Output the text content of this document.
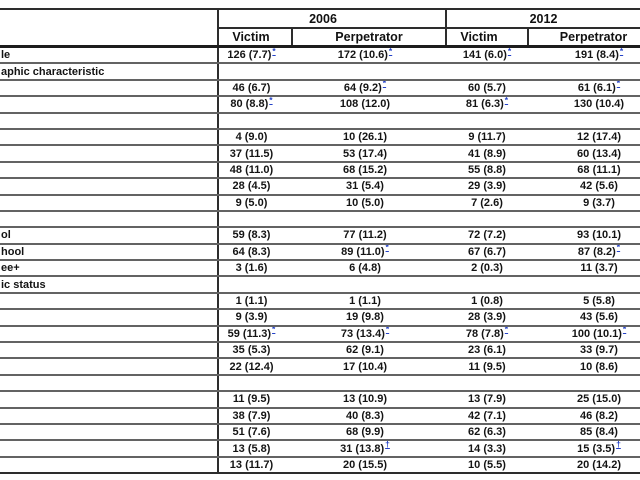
	2006		2012	
	Victim	Perpetrator	Victim	Perpetrator
le	126 (7.7)*	172 (10.6)*	141 (6.0)*	191 (8.4)*
aphic characteristic				
	46 (6.7)	64 (9.2)*	60 (5.7)	61 (6.1)*
	80 (8.8)*	108 (12.0)	81 (6.3)*	130 (10.4)

	4 (9.0)	10 (26.1)	9 (11.7)	12 (17.4)
	37 (11.5)	53 (17.4)	41 (8.9)	60 (13.4)
	48 (11.0)	68 (15.2)	55 (8.8)	68 (11.1)
	28 (4.5)	31 (5.4)	29 (3.9)	42 (5.6)
	9 (5.0)	10 (5.0)	7 (2.6)	9 (3.7)

ol	59 (8.3)	77 (11.2)	72 (7.2)	93 (10.1)
hool	64 (8.3)	89 (11.0)*	67 (6.7)	87 (8.2)*
ee+	3 (1.6)	6 (4.8)	2 (0.3)	11 (3.7)
ic status				
	1 (1.1)	1 (1.1)	1 (0.8)	5 (5.8)
	9 (3.9)	19 (9.8)	28 (3.9)	43 (5.6)
	59 (11.3)*	73 (13.4)*	78 (7.8)*	100 (10.1)*
	35 (5.3)	62 (9.1)	23 (6.1)	33 (9.7)
	22 (12.4)	17 (10.4)	11 (9.5)	10 (8.6)

	11 (9.5)	13 (10.9)	13 (7.9)	25 (15.0)
	38 (7.9)	40 (8.3)	42 (7.1)	46 (8.2)
	51 (7.6)	68 (9.9)	62 (6.3)	85 (8.4)
	13 (5.8)	31 (13.8)†	14 (3.3)	15 (3.5)†
	13 (11.7)	20 (15.5)	10 (5.5)	20 (14.2)
